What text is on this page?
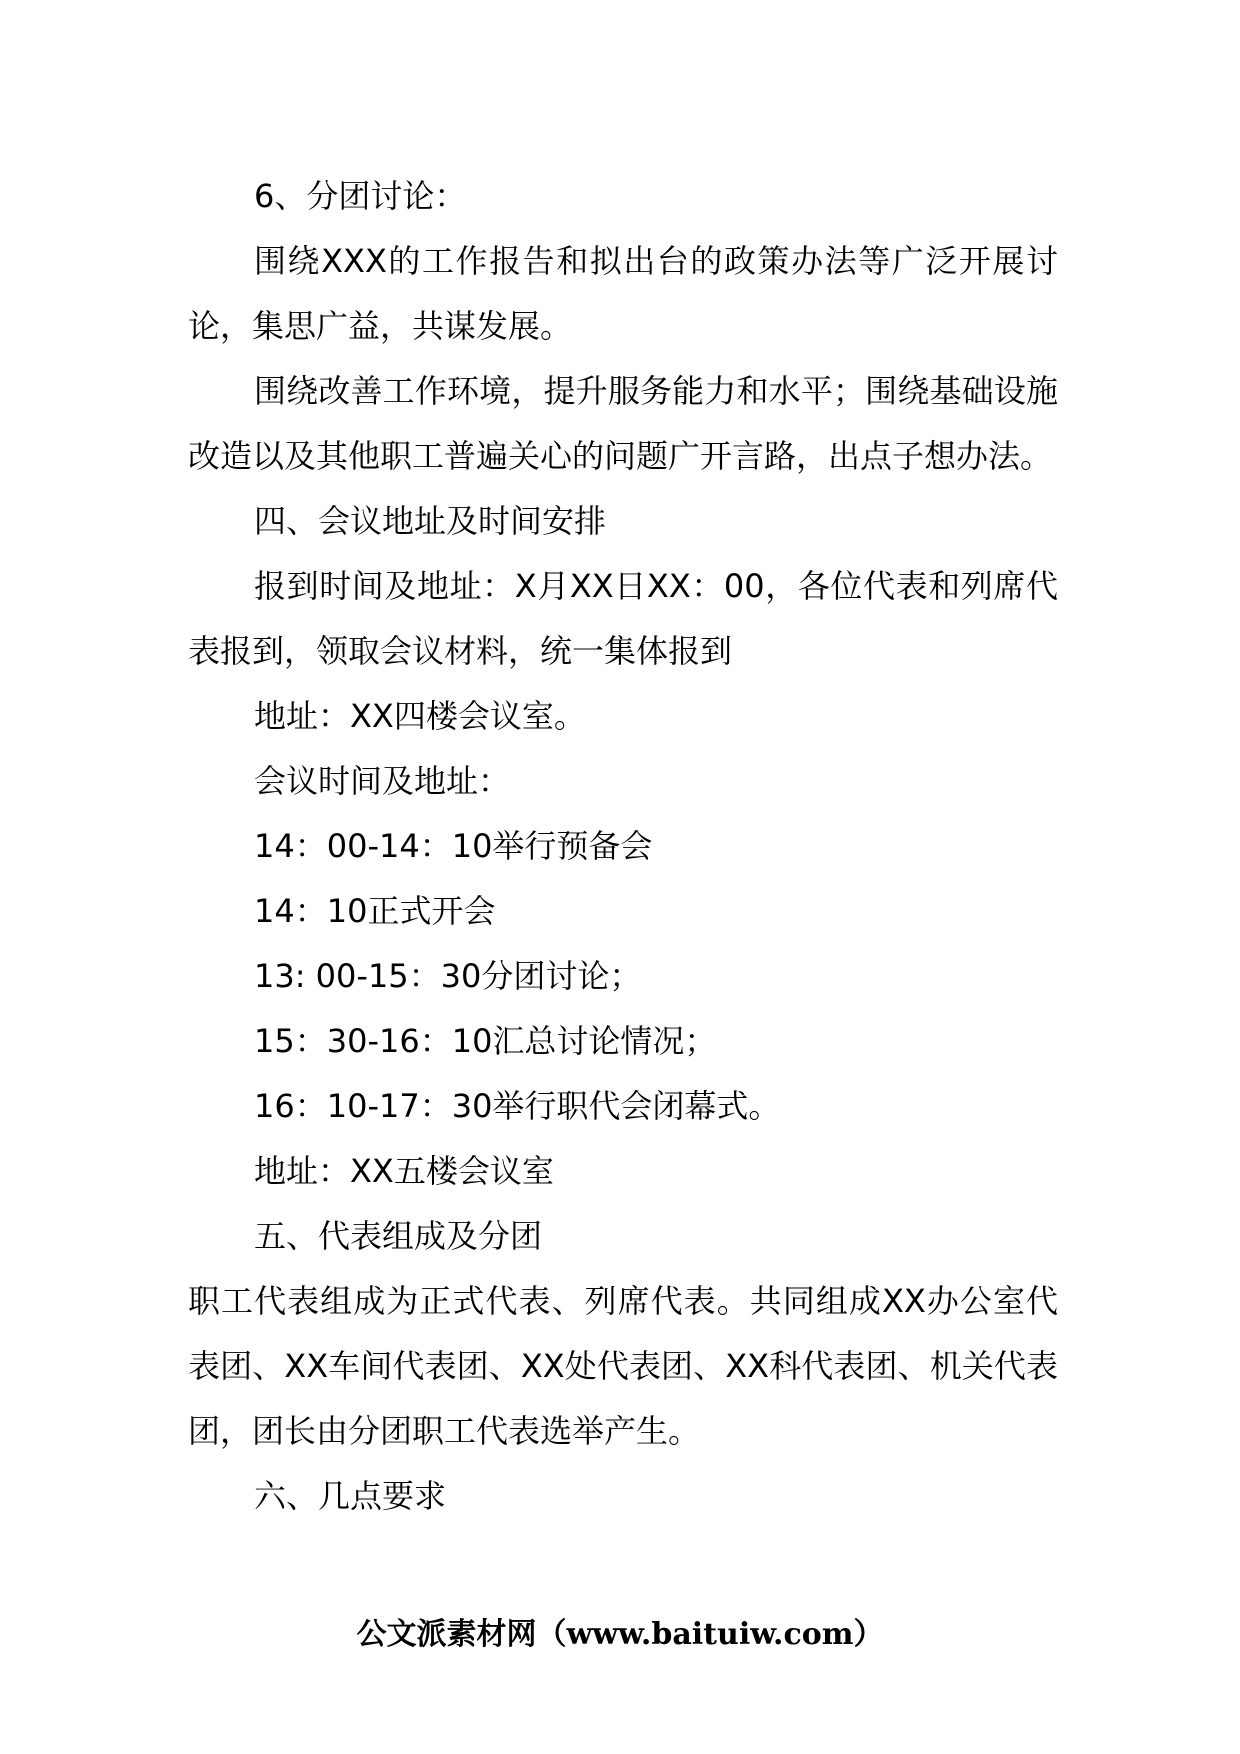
6、分团讨论：

围绕XXX的工作报告和拟出台的政策办法等广泛开展讨论，集思广益，共谋发展。

围绕改善工作环境，提升服务能力和水平；围绕基础设施改造以及其他职工普遍关心的问题广开言路，出点子想办法。

四、会议地址及时间安排

报到时间及地址：X月XX日XX：00，各位代表和列席代表报到，领取会议材料，统一集体报到

地址：XX四楼会议室。

会议时间及地址：

14：00-14：10举行预备会

14：10正式开会

13: 00-15：30分团讨论；

15：30-16：10汇总讨论情况；

16：10-17：30举行职代会闭幕式。

地址：XX五楼会议室

五、代表组成及分团

职工代表组成为正式代表、列席代表。共同组成XX办公室代表团、XX车间代表团、XX处代表团、XX科代表团、机关代表团，团长由分团职工代表选举产生。

六、几点要求

公文派素材网（www.baituiw.com）
